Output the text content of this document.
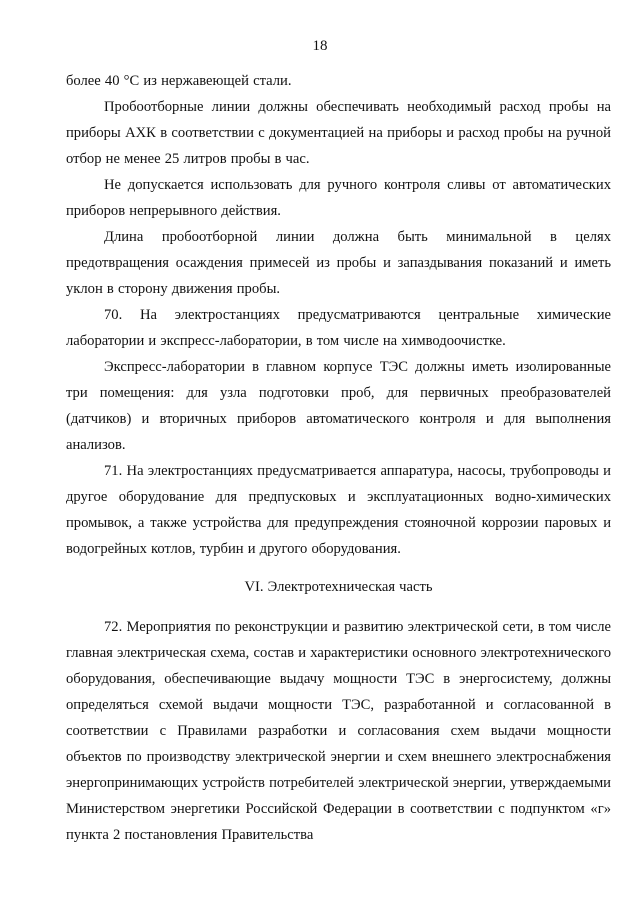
18

более 40 °С из нержавеющей стали.

Пробоотборные линии должны обеспечивать необходимый расход пробы на приборы АХК в соответствии с документацией на приборы и расход пробы на ручной отбор не менее 25 литров пробы в час.

Не допускается использовать для ручного контроля сливы от автоматических приборов непрерывного действия.

Длина пробоотборной линии должна быть минимальной в целях предотвращения осаждения примесей из пробы и запаздывания показаний и иметь уклон в сторону движения пробы.

70. На электростанциях предусматриваются центральные химические лаборатории и экспресс-лаборатории, в том числе на химводоочистке.

Экспресс-лаборатории в главном корпусе ТЭС должны иметь изолированные три помещения: для узла подготовки проб, для первичных преобразователей (датчиков) и вторичных приборов автоматического контроля и для выполнения анализов.

71. На электростанциях предусматривается аппаратура, насосы, трубопроводы и другое оборудование для предпусковых и эксплуатационных водно-химических промывок, а также устройства для предупреждения стояночной коррозии паровых и водогрейных котлов, турбин и другого оборудования.

VI. Электротехническая часть

72. Мероприятия по реконструкции и развитию электрической сети, в том числе главная электрическая схема, состав и характеристики основного электротехнического оборудования, обеспечивающие выдачу мощности ТЭС в энергосистему, должны определяться схемой выдачи мощности ТЭС, разработанной и согласованной в соответствии с Правилами разработки и согласования схем выдачи мощности объектов по производству электрической энергии и схем внешнего электроснабжения энергопринимающих устройств потребителей электрической энергии, утверждаемыми Министерством энергетики Российской Федерации в соответствии с подпунктом «г» пункта 2 постановления Правительства
